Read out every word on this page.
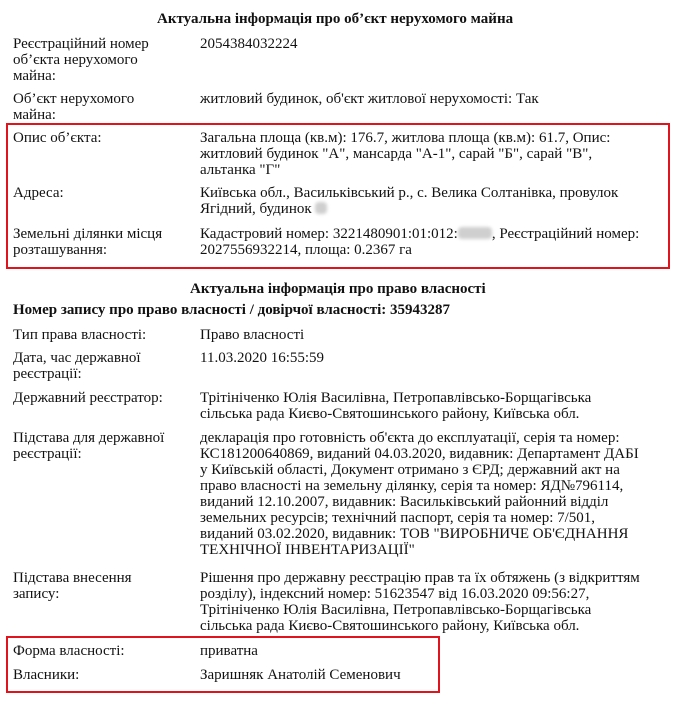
Актуальна інформація про об’єкт нерухомого майна
Реєстраційний номер
об’єкта нерухомого
майна:
2054384032224
Об’єкт нерухомого
майна:
житловий будинок, об'єкт житлової нерухомості: Так
Опис об’єкта:	Загальна площа (кв.м): 176.7, житлова площа (кв.м): 61.7, Опис:
житловий будинок "А", мансарда "А-1", сарай "Б", сарай "В",
альтанка "Г"
Адреса:	Київська обл., Васильківський р., с. Велика Солтанівка, провулок
Ягідний, будинок
Земельні ділянки місця
розташування:
Кадастровий номер: 3221480901:01:012: , Реєстраційний номер:
2027556932214, площа: 0.2367 га
Актуальна інформація про право власності
Номер запису про право власності / довірчої власності: 35943287
Тип права власності:	Право власності
Дата, час державної
реєстрації:
11.03.2020 16:55:59
Державний реєстратор: Трітініченко Юлія Василівна, Петропавлівсько-Борщагівська
сільська рада Києво-Святошинського району, Київська обл.
Підстава для державної
реєстрації:
декларація про готовність об'єкта до експлуатації, серія та номер:
КС181200640869, виданий 04.03.2020, видавник: Департамент ДАБІ
у Київській області, Документ отримано з ЄРД; державний акт на
право власності на земельну ділянку, серія та номер: ЯД№796114,
виданий 12.10.2007, видавник: Васильківський районний відділ
земельних ресурсів; технічний паспорт, серія та номер: 7/501,
виданий 03.02.2020, видавник: ТОВ "ВИРОБНИЧЕ ОБ'ЄДНАННЯ
ТЕХНІЧНОЇ ІНВЕНТАРИЗАЦІЇ"
Підстава внесення
запису:
Рішення про державну реєстрацію прав та їх обтяжень (з відкриттям
розділу), індексний номер: 51623547 від 16.03.2020 09:56:27,
Трітініченко Юлія Василівна, Петропавлівсько-Борщагівська
сільська рада Києво-Святошинського району, Київська обл.
Форма власності:	приватна
Власники:	Заришняк Анатолій Семенович
